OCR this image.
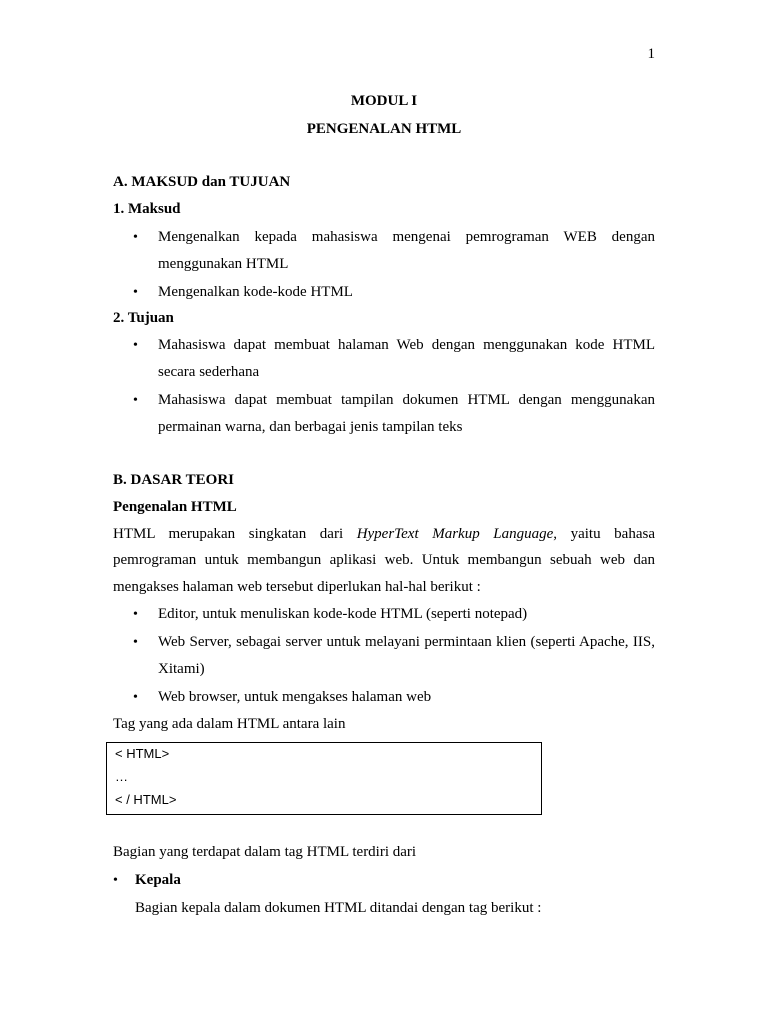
1
MODUL I
PENGENALAN HTML
A. MAKSUD dan TUJUAN
1. Maksud
• Mengenalkan kepada mahasiswa mengenai pemrograman WEB dengan
menggunakan HTML
• Mengenalkan kode-kode HTML
2. Tujuan
• Mahasiswa dapat membuat halaman Web dengan menggunakan kode HTML
secara sederhana
• Mahasiswa dapat membuat tampilan dokumen HTML dengan menggunakan
permainan warna, dan berbagai jenis tampilan teks
B. DASAR TEORI
Pengenalan HTML
HTML merupakan singkatan dari HyperText Markup Language, yaitu bahasa
pemrograman untuk membangun aplikasi web. Untuk membangun sebuah web dan
mengakses halaman web tersebut diperlukan hal-hal berikut :
• Editor, untuk menuliskan kode-kode HTML (seperti notepad)
• Web Server, sebagai server untuk melayani permintaan klien (seperti Apache, IIS,
Xitami)
• Web browser, untuk mengakses halaman web
Tag yang ada dalam HTML antara lain
< HTML>
…
< / HTML>
Bagian yang terdapat dalam tag HTML terdiri dari
• Kepala
Bagian kepala dalam dokumen HTML ditandai dengan tag berikut :
